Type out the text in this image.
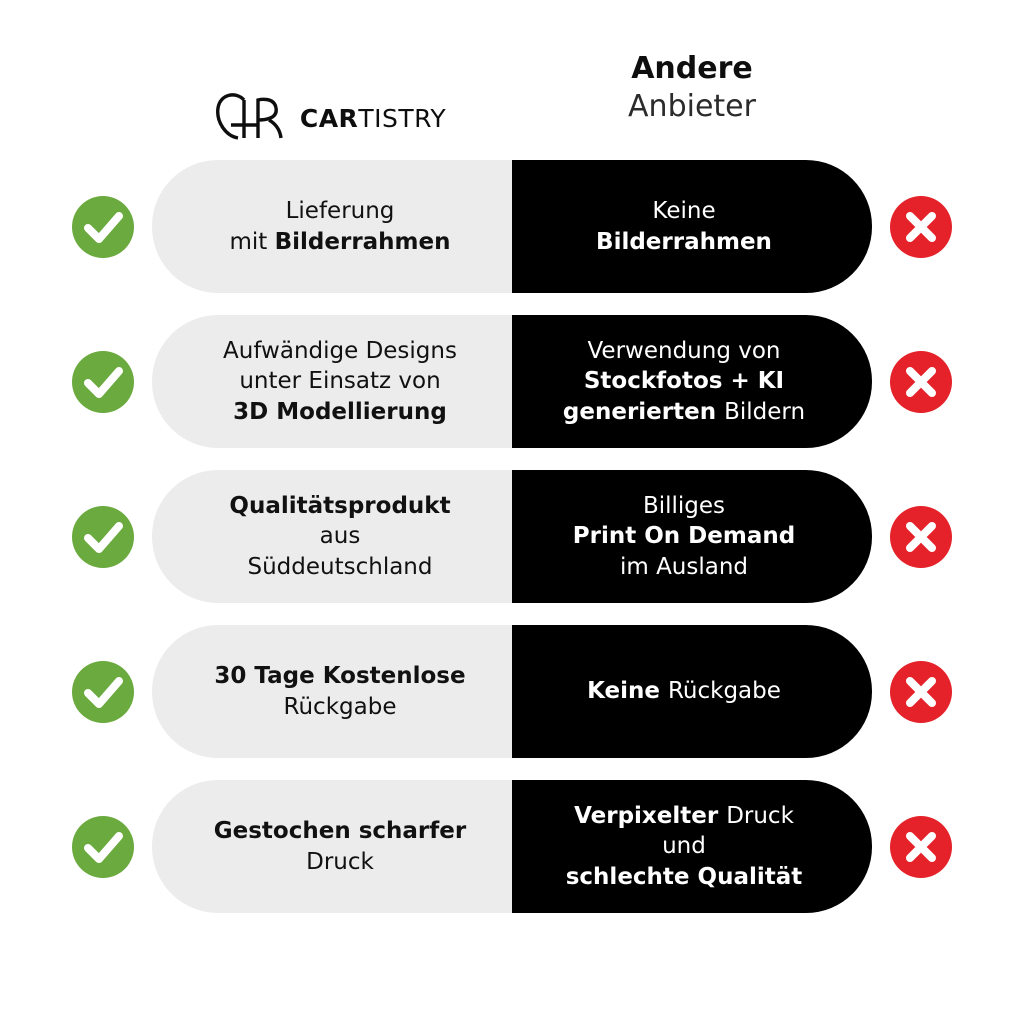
CARTISTRY
Andere
Anbieter
Lieferung
mit Bilderrahmen
Keine
Bilderrahmen
Aufwändige Designs
unter Einsatz von
3D Modellierung
Verwendung von
Stockfotos + KI
generierten Bildern
Qualitätsprodukt
aus
Süddeutschland
Billiges
Print On Demand
im Ausland
30 Tage Kostenlose
Rückgabe
Keine Rückgabe
Gestochen scharfer
Druck
Verpixelter Druck
und
schlechte Qualität
